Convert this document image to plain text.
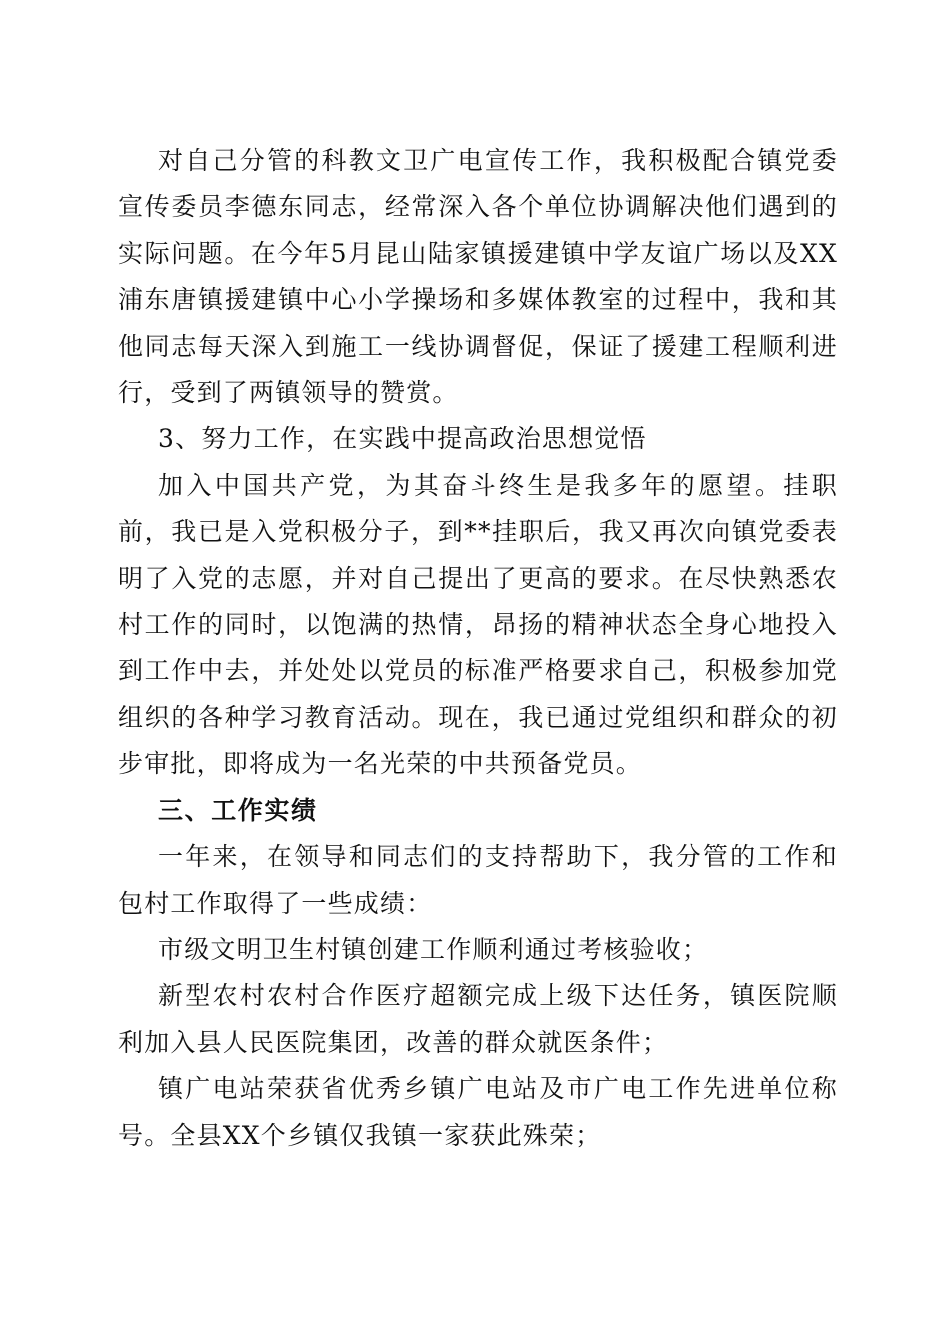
对自己分管的科教文卫广电宣传工作，我积极配合镇党委宣传委员李德东同志，经常深入各个单位协调解决他们遇到的实际问题。在今年5月昆山陆家镇援建镇中学友谊广场以及XX浦东唐镇援建镇中心小学操场和多媒体教室的过程中，我和其他同志每天深入到施工一线协调督促，保证了援建工程顺利进行，受到了两镇领导的赞赏。

3、努力工作，在实践中提高政治思想觉悟

加入中国共产党，为其奋斗终生是我多年的愿望。挂职前，我已是入党积极分子，到**挂职后，我又再次向镇党委表明了入党的志愿，并对自己提出了更高的要求。在尽快熟悉农村工作的同时，以饱满的热情，昂扬的精神状态全身心地投入到工作中去，并处处以党员的标准严格要求自己，积极参加党组织的各种学习教育活动。现在，我已通过党组织和群众的初步审批，即将成为一名光荣的中共预备党员。

三、工作实绩

一年来，在领导和同志们的支持帮助下，我分管的工作和包村工作取得了一些成绩：

市级文明卫生村镇创建工作顺利通过考核验收；

新型农村农村合作医疗超额完成上级下达任务，镇医院顺利加入县人民医院集团，改善的群众就医条件；

镇广电站荣获省优秀乡镇广电站及市广电工作先进单位称号。全县XX个乡镇仅我镇一家获此殊荣；
